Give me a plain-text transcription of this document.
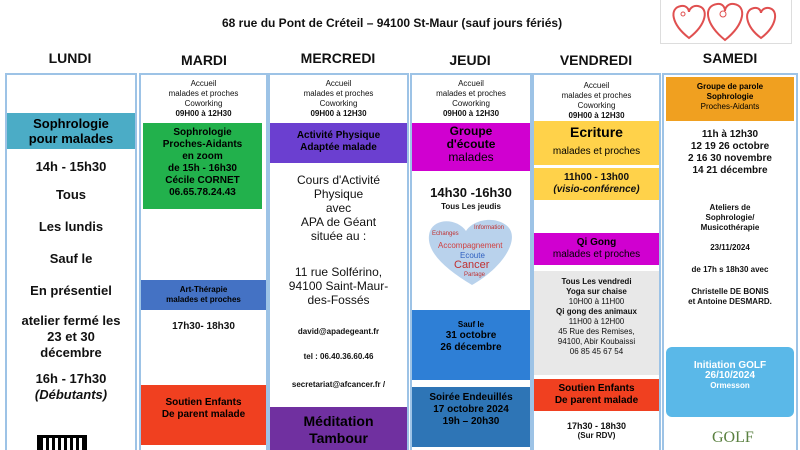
68 rue du Pont de Créteil – 94100 St-Maur (sauf jours fériés)
LUNDI	MARDI	MERCREDI	JEUDI	VENDREDI	SAMEDI
Sophrologie
pour malades
14h - 15h30
Tous
Les lundis
Sauf le
En présentiel
atelier fermé les
23 et 30
décembre
16h - 17h30
(Débutants)
Accueil
malades et proches
Coworking
09H00 à 12H30
Sophrologie
Proches-Aidants
en zoom
de 15h - 16h30
Cécile CORNET
06.65.78.24.43
Art-Thérapie
malades et proches
17h30- 18h30
Soutien Enfants
De parent malade
Accueil
malades et proches
Coworking
09H00 à 12H30
Activité Physique
Adaptée malade
Cours d'Activité
Physique
avec
APA de Géant
située au :
11 rue Solférino,
94100 Saint-Maur-
des-Fossés
david@apadegeant.fr
tel : 06.40.36.60.46
secretariat@afcancer.fr /
Méditation
Tambour
Accueil
malades et proches
Coworking
09H00 à 12H30
Groupe
d'écoute
malades
14h30 -16h30
Tous Les jeudis
Echanges
Information
Accompagnement
Ecoute
Cancer
Partage
Sauf le
31 octobre
26 décembre
Soirée Endeuillés
17 octobre 2024
19h – 20h30
Accueil
malades et proches
Coworking
09H00 à 12H30
Ecriture
malades et proches
11h00 - 13h00
(visio-conférence)
Qi Gong
malades et proches
Tous Les vendredi
Yoga sur chaise
10H00 à 11H00
Qi gong des animaux
11H00 à 12H00
45 Rue des Remises,
94100, Abir Koubaissi
06 85 45 67 54
Soutien Enfants
De parent malade
17h30 - 18h30
(Sur RDV)
Groupe de parole
Sophrologie
Proches-Aidants
11h à 12h30
12 19 26 octobre
2 16 30 novembre
14 21 décembre
Ateliers de
Sophrologie/
Musicothérapie
23/11/2024
de 17h s 18h30 avec
Christelle DE BONIS
et Antoine DESMARD.
Initiation GOLF
26/10/2024
Ormesson
GOLF
